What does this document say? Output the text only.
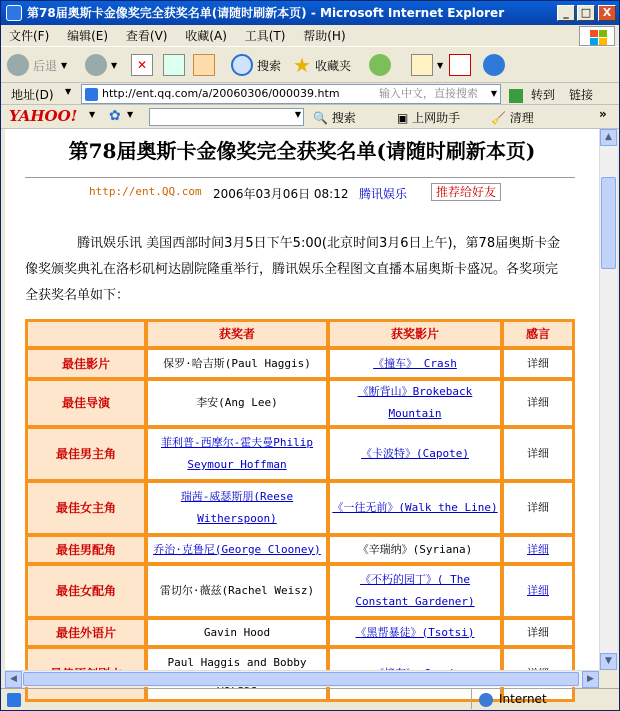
第78届奥斯卡金像奖完全获奖名单(请随时刷新本页) - Microsoft Internet Explorer	_	□	X
文件(F) 编辑(E) 查看(V) 收藏(A) 工具(T) 帮助(H)
后退 ▼	▼	✕	搜索 ★ 收藏夹	▼
地址(D) ▼	http://ent.qq.com/a/20060306/000039.htm	输入中文，直接搜索 ▼	转到 链接
YAHOO! ▼ ✿ ▼	▼ 🔍 搜索	▣ 上网助手	🧹 清理	»
第78届奥斯卡金像奖完全获奖名单(请随时刷新本页)
http://ent.QQ.com 2006年03月06日 08:12 腾讯娱乐	推荐给好友
腾讯娱乐讯 美国西部时间3月5日下午5:00(北京时间3月6日上午)，第78届奥斯卡金像奖颁奖典礼在洛杉矶柯达剧院隆重举行，腾讯娱乐全程图文直播本届奥斯卡盛况。各奖项完全获奖名单如下：
	获奖者	获奖影片	感言
最佳影片	保罗·哈吉斯(Paul Haggis)	《撞车》 Crash	详细
最佳导演	李安(Ang Lee)	《断背山》Brokeback Mountain	详细
最佳男主角	菲利普-西摩尔-霍夫曼Philip Seymour Hoffman	《卡波特》(Capote)	详细
最佳女主角	瑞茜-威瑟斯朋(Reese Witherspoon)	《一往无前》(Walk the Line)	详细
最佳男配角	乔治·克鲁尼(George Clooney)	《辛瑞纳》(Syriana)	详细
最佳女配角	雷切尔·薇兹(Rachel Weisz)	《不朽的园丁》( The Constant Gardener)	详细
最佳外语片	Gavin Hood	《黑帮暴徒》(Tsotsi)	详细
	Paul Haggis and Bobby		
▲
▼
◀	▶
Internet
